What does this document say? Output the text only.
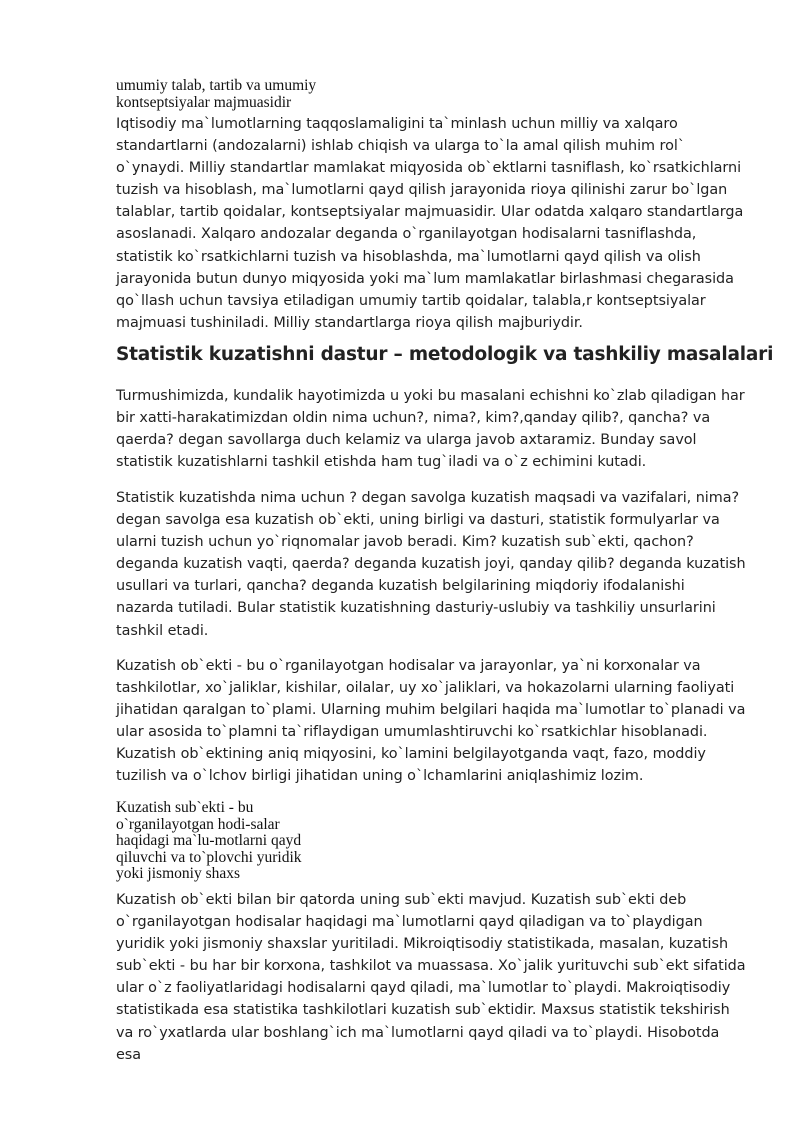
umumiy talab, tartib va umumiy
kontseptsiyalar majmuasidir

Iqtisodiy ma`lumotlarning taqqoslamaligini ta`minlash uchun milliy va xalqaro standartlarni (andozalarni) ishlab chiqish va ularga to`la amal qilish muhim rol` o`ynaydi. Milliy standartlar mamlakat miqyosida ob`ektlarni tasniflash, ko`rsatkichlarni tuzish va hisoblash, ma`lumotlarni qayd qilish jarayonida rioya qilinishi zarur bo`lgan talablar, tartib qoidalar, kontseptsiyalar majmuasidir. Ular odatda xalqaro standartlarga asoslanadi. Xalqaro andozalar deganda o`rganilayotgan hodisalarni tasniflashda, statistik ko`rsatkichlarni tuzish va hisoblashda, ma`lumotlarni qayd qilish va olish jarayonida butun dunyo miqyosida yoki ma`lum mamlakatlar birlashmasi chegarasida qo`llash uchun tavsiya etiladigan umumiy tartib qoidalar, talabla,r kontseptsiyalar majmuasi tushiniladi. Milliy standartlarga rioya qilish majburiydir.

Statistik kuzatishni dastur – metodologik va tashkiliy masalalari

Turmushimizda, kundalik hayotimizda u yoki bu masalani echishni ko`zlab qiladigan har bir xatti-harakatimizdan oldin nima uchun?, nima?, kim?,qanday qilib?, qancha? va qaerda? degan savollarga duch kelamiz va ularga javob axtaramiz. Bunday savol statistik kuzatishlarni tashkil etishda ham tug`iladi va o`z echimini kutadi.

Statistik kuzatishda nima uchun ? degan savolga kuzatish maqsadi va vazifalari, nima? degan savolga esa kuzatish ob`ekti, uning birligi va dasturi, statistik formulyarlar va ularni tuzish uchun yo`riqnomalar javob beradi. Kim? kuzatish sub`ekti, qachon? deganda kuzatish vaqti, qaerda? deganda kuzatish joyi, qanday qilib? deganda kuzatish usullari va turlari, qancha? deganda kuzatish belgilarining miqdoriy ifodalanishi nazarda tutiladi. Bular statistik kuzatishning dasturiy-uslubiy va tashkiliy unsurlarini tashkil etadi.

Kuzatish ob`ekti - bu o`rganilayotgan hodisalar va jarayonlar, ya`ni korxonalar va tashkilotlar, xo`jaliklar, kishilar, oilalar, uy xo`jaliklari, va hokazolarni ularning faoliyati jihatidan qaralgan to`plami. Ularning muhim belgilari haqida ma`lumotlar to`planadi va ular asosida to`plamni ta`riflaydigan umumlashtiruvchi ko`rsatkichlar hisoblanadi. Kuzatish ob`ektining aniq miqyosini, ko`lamini belgilayotganda vaqt, fazo, moddiy tuzilish va o`lchov birligi jihatidan uning o`lchamlarini aniqlashimiz lozim.

Kuzatish sub`ekti - bu
o`rganilayotgan hodi-salar
haqidagi ma`lu-motlarni qayd
qiluvchi va to`plovchi yuridik
yoki jismoniy shaxs

Kuzatish ob`ekti bilan bir qatorda uning sub`ekti mavjud. Kuzatish sub`ekti deb o`rganilayotgan hodisalar haqidagi ma`lumotlarni qayd qiladigan va to`playdigan yuridik yoki jismoniy shaxslar yuritiladi. Mikroiqtisodiy statistikada, masalan, kuzatish sub`ekti - bu har bir korxona, tashkilot va muassasa. Xo`jalik yurituvchi sub`ekt sifatida ular o`z faoliyatlaridagi hodisalarni qayd qiladi, ma`lumotlar to`playdi. Makroiqtisodiy statistikada esa statistika tashkilotlari kuzatish sub`ektidir. Maxsus statistik tekshirish va ro`yxatlarda ular boshlang`ich ma`lumotlarni qayd qiladi va to`playdi. Hisobotda esa
